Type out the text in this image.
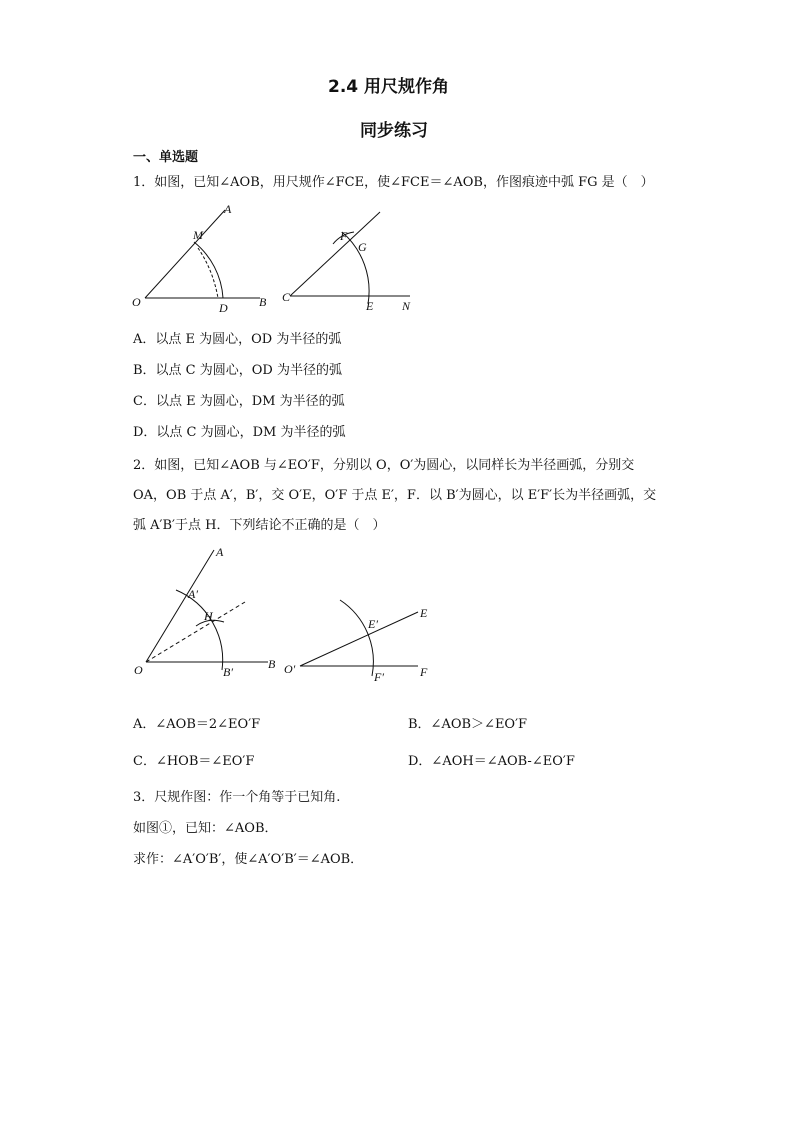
2.4 用尺规作角
同步练习
一、单选题
1．如图，已知∠AOB，用尺规作∠FCE，使∠FCE＝∠AOB，作图痕迹中弧 FG 是（　）
A
M
O	D	B
F
G
C
E N
A．以点 E 为圆心，OD 为半径的弧
B．以点 C 为圆心，OD 为半径的弧
C．以点 E 为圆心，DM 为半径的弧
D．以点 C 为圆心，DM 为半径的弧
2．如图，已知∠AOB 与∠EO′F，分别以 O，O′为圆心，以同样长为半径画弧，分别交
OA，OB 于点 A′，B′，交 O′E，O′F 于点 E′，F．以 B′为圆心，以 E′F′长为半径画弧，交
弧 A′B′于点 H．下列结论不正确的是（　）
A
A′
H
O	B′
B
E′
E
O′
F′	F
A．∠AOB＝2∠EO′F	B．∠AOB＞∠EO′F
C．∠HOB＝∠EO′F	D．∠AOH＝∠AOB-∠EO′F
3．尺规作图：作一个角等于已知角.
如图①，已知：∠AOB．
求作：∠A′O′B′，使∠A′O′B′＝∠AOB．
